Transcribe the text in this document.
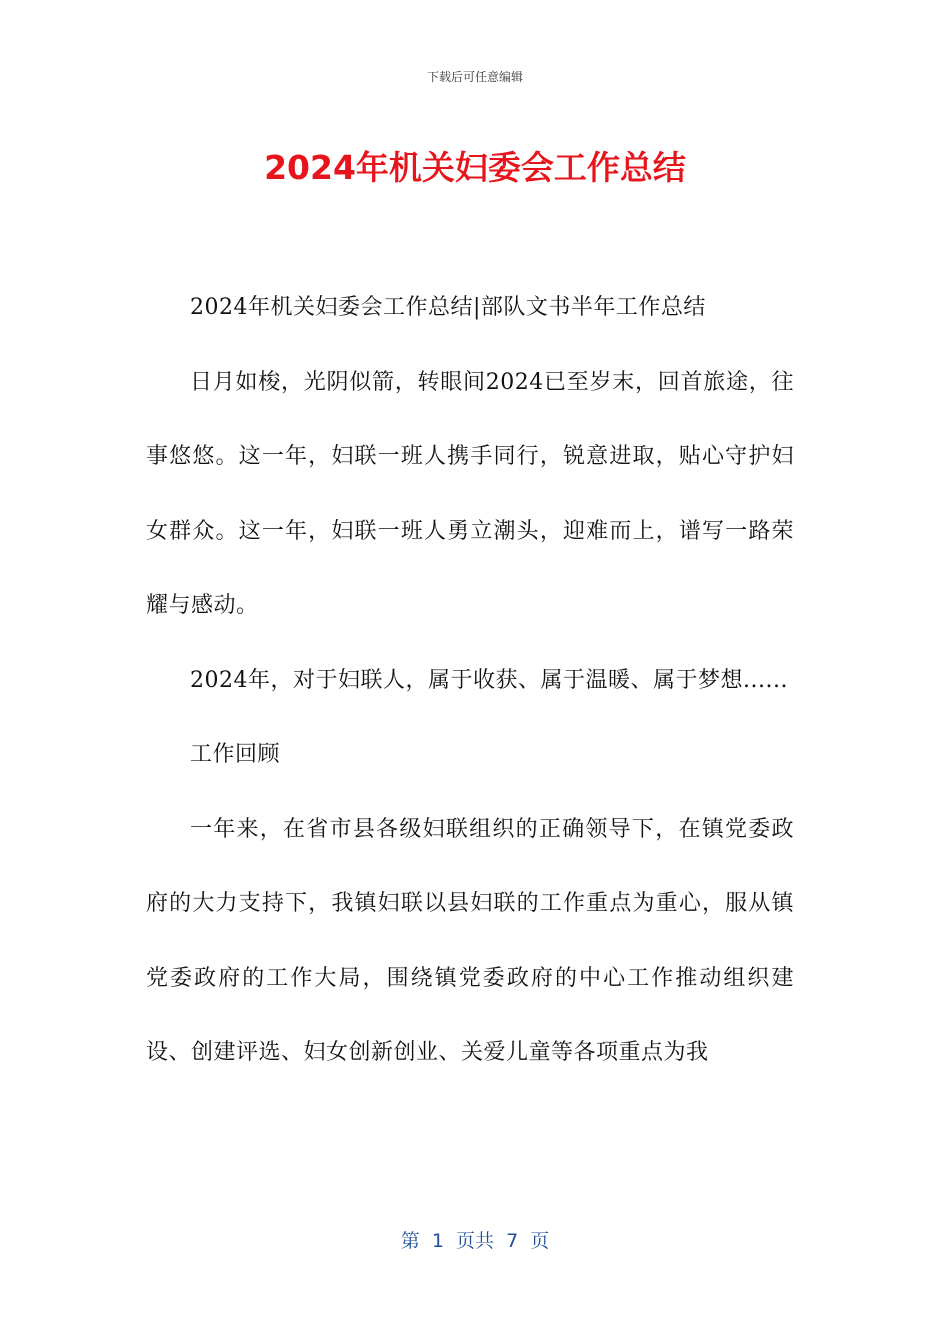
下载后可任意编辑
2024年机关妇委会工作总结

2024年机关妇委会工作总结|部队文书半年工作总结

日月如梭，光阴似箭，转眼间2024已至岁末，回首旅途，往事悠悠。这一年，妇联一班人携手同行，锐意进取，贴心守护妇女群众。这一年，妇联一班人勇立潮头，迎难而上，谱写一路荣耀与感动。

2024年，对于妇联人，属于收获、属于温暖、属于梦想......

工作回顾

一年来，在省市县各级妇联组织的正确领导下，在镇党委政府的大力支持下，我镇妇联以县妇联的工作重点为重心，服从镇党委政府的工作大局，围绕镇党委政府的中心工作推动组织建设、创建评选、妇女创新创业、关爱儿童等各项重点为我

第  1  页共  7  页
